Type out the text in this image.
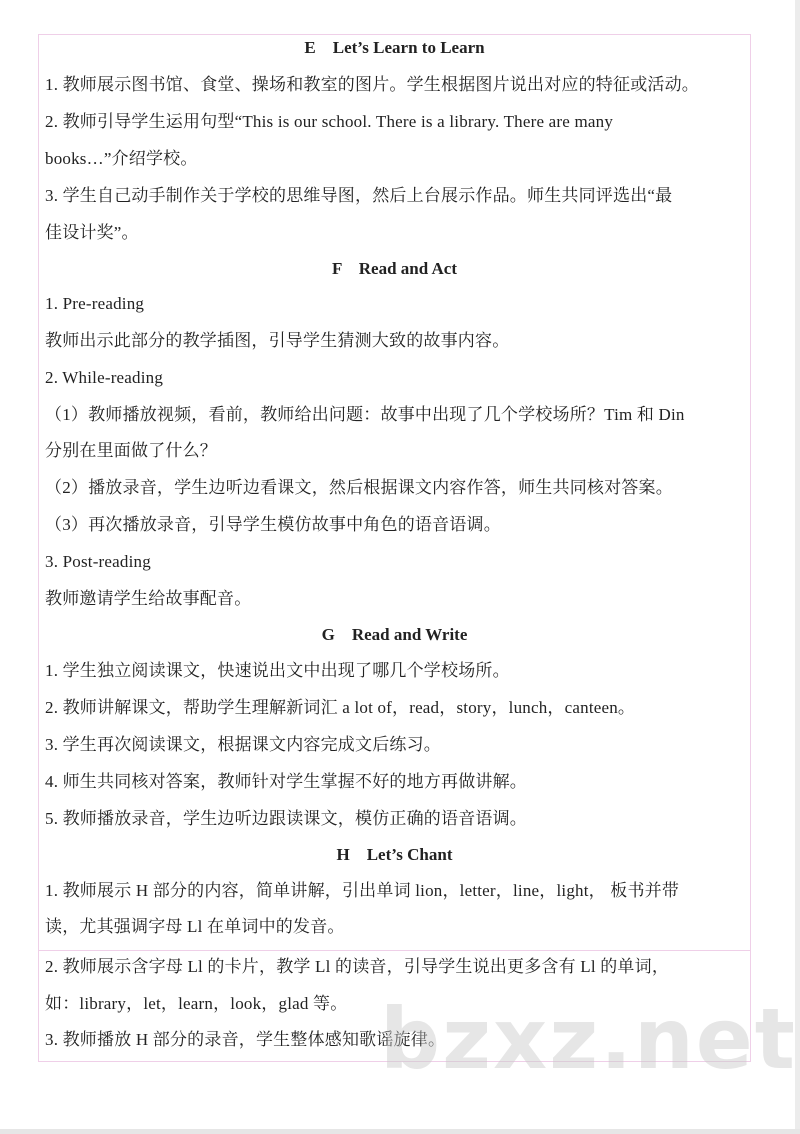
E    Let’s Learn to Learn
1. 教师展示图书馆、食堂、操场和教室的图片。学生根据图片说出对应的特征或活动。
2. 教师引导学生运用句型“This is our school. There is a library. There are many
books…”介绍学校。
3. 学生自己动手制作关于学校的思维导图，然后上台展示作品。师生共同评选出“最
佳设计奖”。
F    Read and Act
1. Pre-reading
教师出示此部分的教学插图，引导学生猜测大致的故事内容。
2. While-reading
（1）教师播放视频，看前，教师给出问题：故事中出现了几个学校场所？Tim 和 Din
分别在里面做了什么？
（2）播放录音，学生边听边看课文，然后根据课文内容作答，师生共同核对答案。
（3）再次播放录音，引导学生模仿故事中角色的语音语调。
3. Post-reading
教师邀请学生给故事配音。
G    Read and Write
1. 学生独立阅读课文，快速说出文中出现了哪几个学校场所。
2. 教师讲解课文，帮助学生理解新词汇 a lot of，read，story，lunch，canteen。
3. 学生再次阅读课文，根据课文内容完成文后练习。
4. 师生共同核对答案，教师针对学生掌握不好的地方再做讲解。
5. 教师播放录音，学生边听边跟读课文，模仿正确的语音语调。
H    Let’s Chant
1. 教师展示 H 部分的内容，简单讲解，引出单词 lion，letter，line，light， 板书并带
读，尤其强调字母 Ll 在单词中的发音。
2. 教师展示含字母 Ll 的卡片，教学 Ll 的读音，引导学生说出更多含有 Ll 的单词，
如：library，let，learn，look，glad 等。
3. 教师播放 H 部分的录音，学生整体感知歌谣旋律。
bzxz.net
